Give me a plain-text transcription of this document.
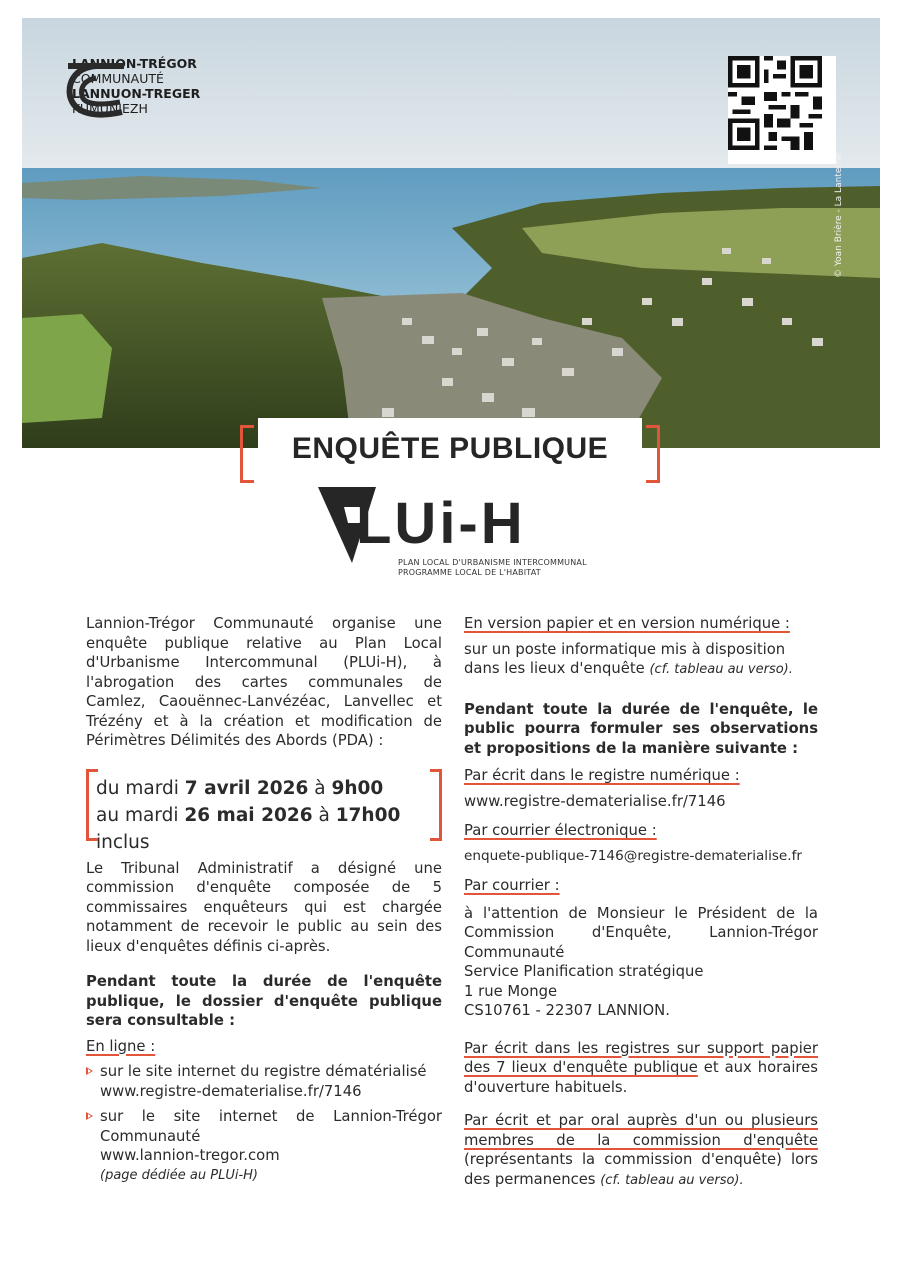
LANNION-TRÉGOR
COMMUNAUTÉ
LANNUON-TREGER
KUMUNIEZH
© Yoan Brière - La Lanterne
ENQUÊTE PUBLIQUE
LUi-H
PLAN LOCAL D'URBANISME INTERCOMMUNAL
PROGRAMME LOCAL DE L'HABITAT

Lannion-Trégor Communauté organise une enquête publique relative au Plan Local d'Urbanisme Intercommunal (PLUi-H), à l'abrogation des cartes communales de Camlez, Caouënnec-Lanvézéac, Lanvellec et Trézény et à la création et modification de Périmètres Délimités des Abords (PDA) :

du mardi 7 avril 2026 à 9h00
au mardi 26 mai 2026 à 17h00 inclus

Le Tribunal Administratif a désigné une commission d'enquête composée de 5 commissaires enquêteurs qui est chargée notamment de recevoir le public au sein des lieux d'enquêtes définis ci-après.

Pendant toute la durée de l'enquête publique, le dossier d'enquête publique sera consultable :

En ligne :

sur le site internet du registre dématérialisé
www.registre-dematerialise.fr/7146
sur le site internet de Lannion-Trégor Communauté
www.lannion-tregor.com
(page dédiée au PLUi-H)

En version papier et en version numérique :

sur un poste informatique mis à disposition dans les lieux d'enquête (cf. tableau au verso).

Pendant toute la durée de l'enquête, le public pourra formuler ses observations et propositions de la manière suivante :

Par écrit dans le registre numérique :

www.registre-dematerialise.fr/7146

Par courrier électronique :

enquete-publique-7146@registre-dematerialise.fr

Par courrier :

à l'attention de Monsieur le Président de la Commission d'Enquête, Lannion-Trégor Communauté

Service Planification stratégique

1 rue Monge

CS10761 - 22307 LANNION.

Par écrit dans les registres sur support papier des 7 lieux d'enquête publique et aux horaires d'ouverture habituels.

Par écrit et par oral auprès d'un ou plusieurs membres de la commission d'enquête (représentants la commission d'enquête) lors des permanences (cf. tableau au verso).
